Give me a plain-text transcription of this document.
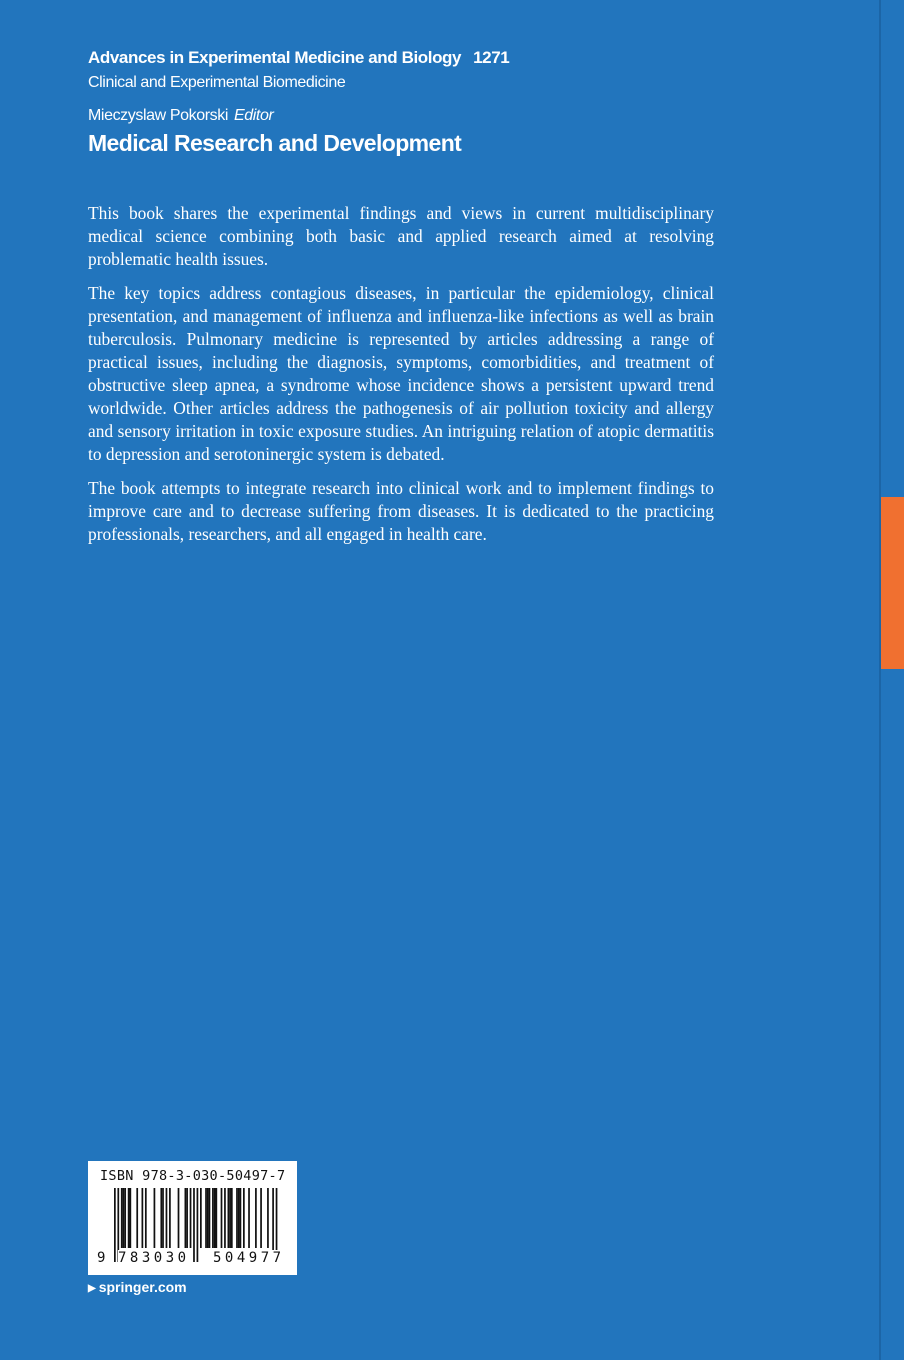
Advances in Experimental Medicine and Biology 1271
Clinical and Experimental Biomedicine
Mieczyslaw Pokorski Editor
Medical Research and Development

This book shares the experimental findings and views in current multidisciplinary medical science combining both basic and applied research aimed at resolving problematic health issues.

The key topics address contagious diseases, in particular the epidemiology, clinical presentation, and management of influenza and influenza-like infections as well as brain tuberculosis. Pulmonary medicine is represented by articles addressing a range of practical issues, including the diagnosis, symptoms, comorbidities, and treatment of obstructive sleep apnea, a syndrome whose incidence shows a persistent upward trend worldwide. Other articles address the pathogenesis of air pollution toxicity and allergy and sensory irritation in toxic exposure studies. An intriguing relation of atopic dermatitis to depression and serotoninergic system is debated.

The book attempts to integrate research into clinical work and to implement findings to improve care and to decrease suffering from diseases. It is dedicated to the practicing professionals, researchers, and all engaged in health care.

ISBN 978-3-030-50497-7
9 783030 504977
▶ springer.com
